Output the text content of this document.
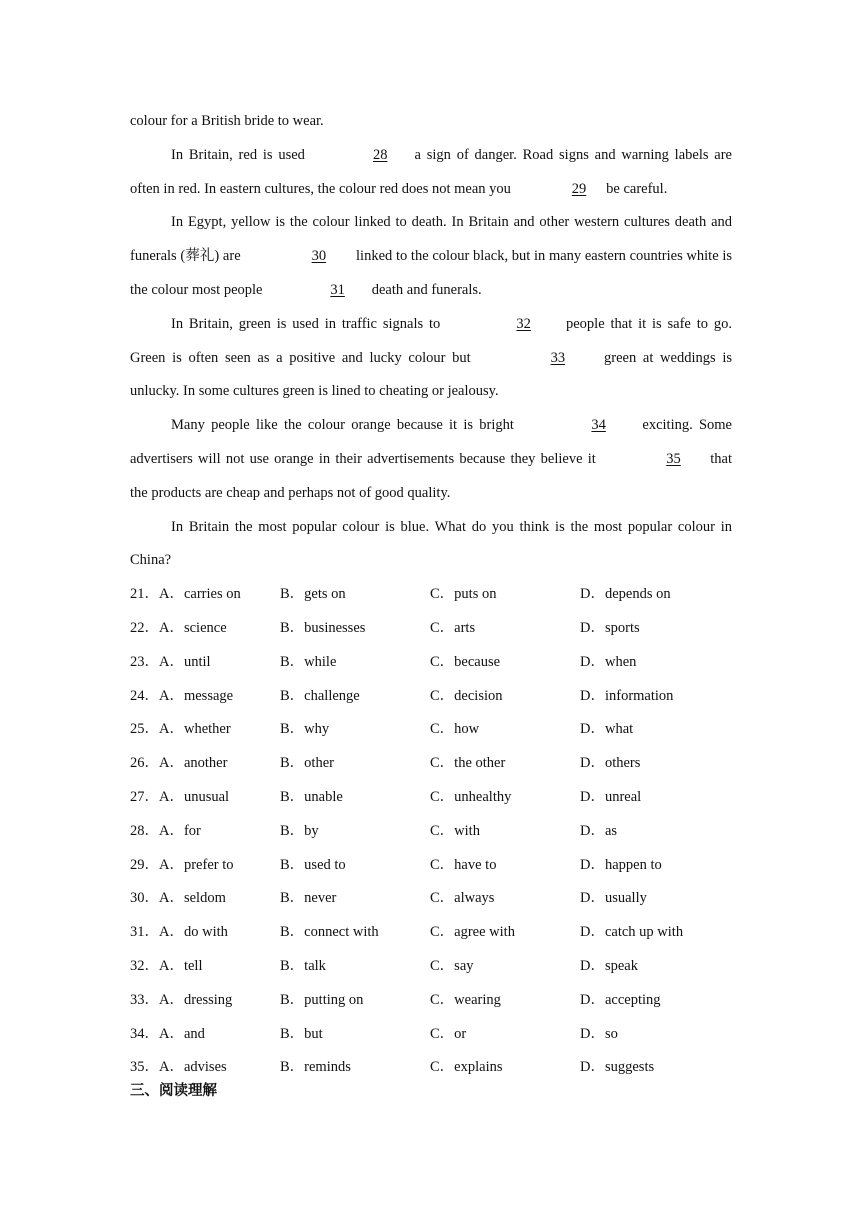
colour for a British bride to wear.

In Britain, red is used	28 a sign of danger. Road signs and warning labels are often in red. In eastern cultures, the colour red does not mean you	29 be careful.

In Egypt, yellow is the colour linked to death. In Britain and other western cultures death and funerals (葬礼) are	30 linked to the colour black, but in many eastern countries white is the colour most people	31 death and funerals.

In Britain, green is used in traffic signals to	32 people that it is safe to go. Green is often seen as a positive and lucky colour but	33 green at weddings is unlucky. In some cultures green is lined to cheating or jealousy.

Many people like the colour orange because it is bright	34 exciting. Some advertisers will not use orange in their advertisements because they believe it	35 that the products are cheap and perhaps not of good quality.

In Britain the most popular colour is blue. What do you think is the most popular colour in China?

21．A．carries on	B．gets on	C．puts on	D．depends on
22．A．science	B．businesses	C．arts	D．sports
23．A．until	B．while	C．because	D．when
24．A．message	B．challenge	C．decision	D．information
25．A．whether	B．why	C．how	D．what
26．A．another	B．other	C．the other	D．others
27．A．unusual	B．unable	C．unhealthy	D．unreal
28．A．for	B．by	C．with	D．as
29．A．prefer to	B．used to	C．have to	D．happen to
30．A．seldom	B．never	C．always	D．usually
31．A．do with	B．connect with	C．agree with	D．catch up with
32．A．tell	B．talk	C．say	D．speak
33．A．dressing	B．putting on	C．wearing	D．accepting
34．A．and	B．but	C．or	D．so
35．A．advises	B．reminds	C．explains	D．suggests
三、阅读理解
